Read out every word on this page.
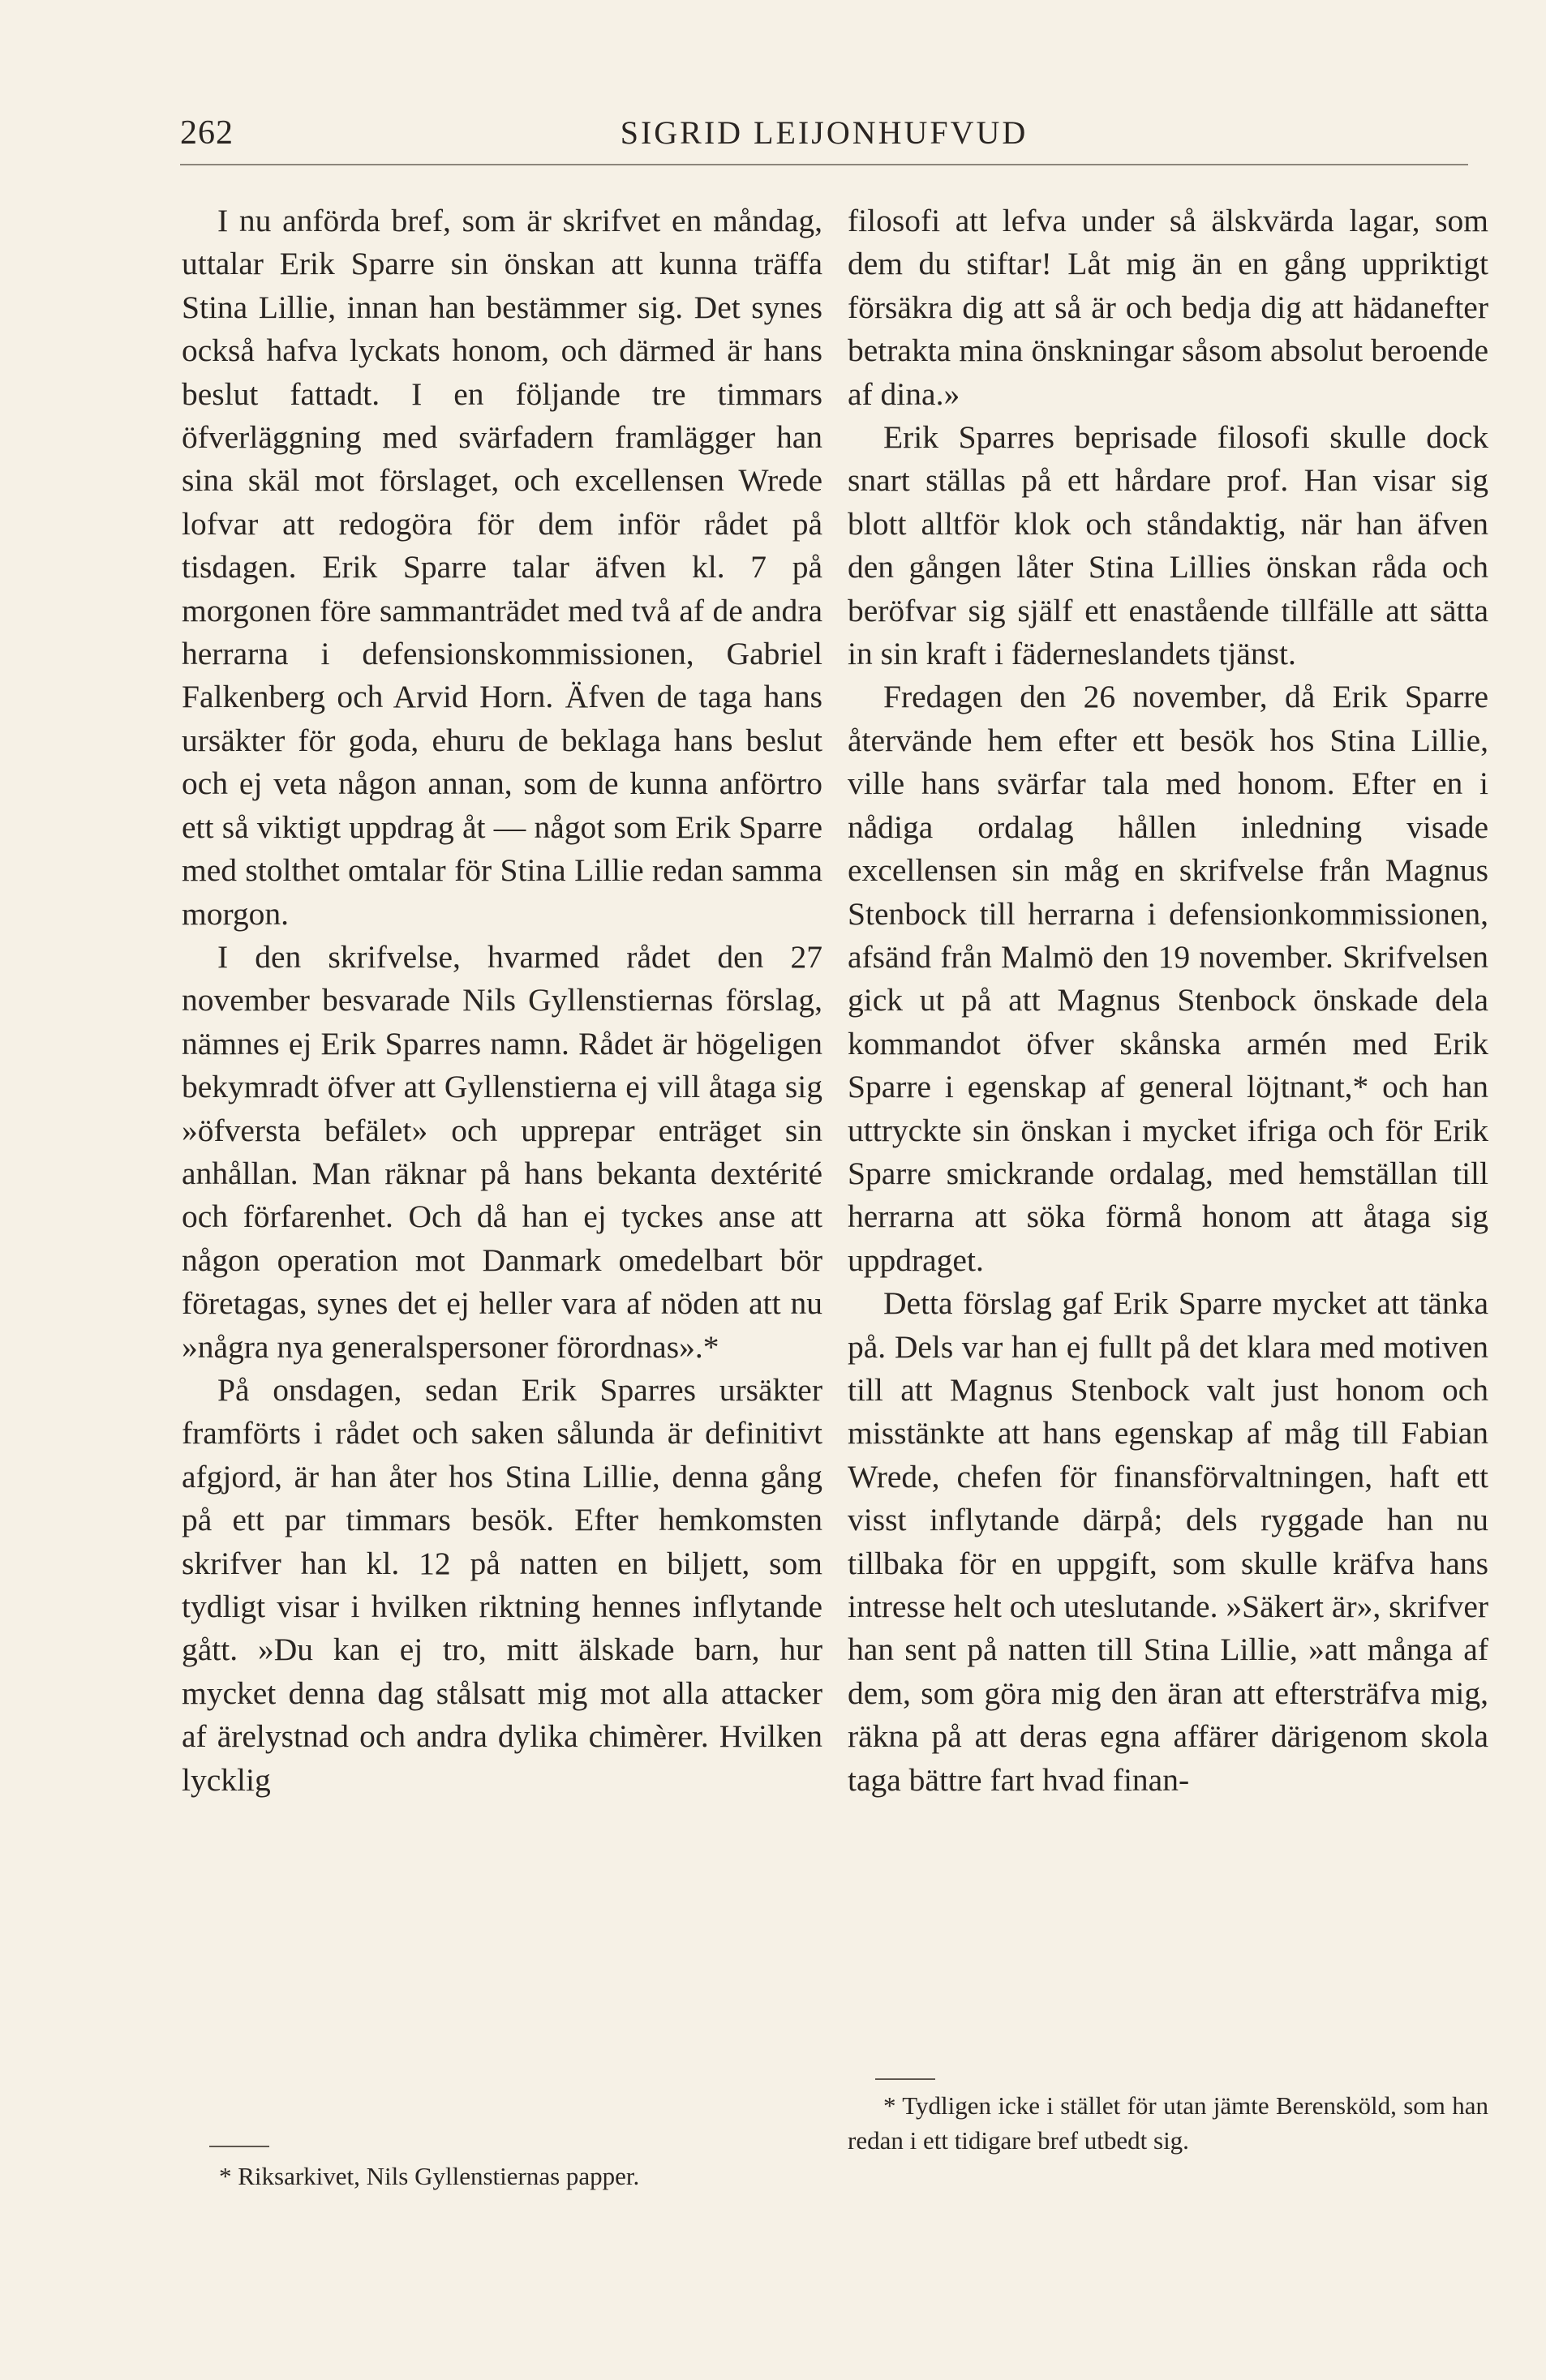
262	SIGRID LEIJONHUFVUD

I nu anförda bref, som är skrifvet en måndag, uttalar Erik Sparre sin önskan att kunna träffa Stina Lillie, innan han bestämmer sig. Det synes också hafva lyckats honom, och därmed är hans beslut fattadt. I en följande tre timmars öfverläggning med svärfadern framlägger han sina skäl mot förslaget, och excellensen Wrede lofvar att redogöra för dem inför rådet på tisdagen. Erik Sparre talar äfven kl. 7 på morgonen före sammanträdet med två af de andra herrarna i defensionskommissionen, Gabriel Falkenberg och Arvid Horn. Äfven de taga hans ursäkter för goda, ehuru de beklaga hans beslut och ej veta någon annan, som de kunna anförtro ett så viktigt uppdrag åt — något som Erik Sparre med stolthet omtalar för Stina Lillie redan samma morgon.

I den skrifvelse, hvarmed rådet den 27 november besvarade Nils Gyllenstiernas förslag, nämnes ej Erik Sparres namn. Rådet är högeligen bekymradt öfver att Gyllenstierna ej vill åtaga sig »öfversta befälet» och upprepar enträget sin anhållan. Man räknar på hans bekanta dextérité och förfarenhet. Och då han ej tyckes anse att någon operation mot Danmark omedelbart bör företagas, synes det ej heller vara af nöden att nu »några nya generalspersoner förordnas».*

På onsdagen, sedan Erik Sparres ursäkter framförts i rådet och saken sålunda är definitivt afgjord, är han åter hos Stina Lillie, denna gång på ett par timmars besök. Efter hemkomsten skrifver han kl. 12 på natten en biljett, som tydligt visar i hvilken riktning hennes inflytande gått. »Du kan ej tro, mitt älskade barn, hur mycket denna dag stålsatt mig mot alla attacker af ärelystnad och andra dylika chimèrer. Hvilken lycklig

filosofi att lefva under så älskvärda lagar, som dem du stiftar! Låt mig än en gång uppriktigt försäkra dig att så är och bedja dig att hädanefter betrakta mina önskningar såsom absolut beroende af dina.»

Erik Sparres beprisade filosofi skulle dock snart ställas på ett hårdare prof. Han visar sig blott alltför klok och ståndaktig, när han äfven den gången låter Stina Lillies önskan råda och beröfvar sig själf ett enastående tillfälle att sätta in sin kraft i fäderneslandets tjänst.

Fredagen den 26 november, då Erik Sparre återvände hem efter ett besök hos Stina Lillie, ville hans svärfar tala med honom. Efter en i nådiga ordalag hållen inledning visade excellensen sin måg en skrifvelse från Magnus Stenbock till herrarna i defensionkommissionen, afsänd från Malmö den 19 november. Skrifvelsen gick ut på att Magnus Stenbock önskade dela kommandot öfver skånska armén med Erik Sparre i egenskap af general löjtnant,* och han uttryckte sin önskan i mycket ifriga och för Erik Sparre smickrande ordalag, med hemställan till herrarna att söka förmå honom att åtaga sig uppdraget.

Detta förslag gaf Erik Sparre mycket att tänka på. Dels var han ej fullt på det klara med motiven till att Magnus Stenbock valt just honom och misstänkte att hans egenskap af måg till Fabian Wrede, chefen för finansförvaltningen, haft ett visst inflytande därpå; dels ryggade han nu tillbaka för en uppgift, som skulle kräfva hans intresse helt och uteslutande. »Säkert är», skrifver han sent på natten till Stina Lillie, »att många af dem, som göra mig den äran att eftersträfva mig, räkna på att deras egna affärer därigenom skola taga bättre fart hvad finan-

* Riksarkivet, Nils Gyllenstiernas papper.
* Tydligen icke i stället för utan jämte Berensköld, som han redan i ett tidigare bref utbedt sig.
